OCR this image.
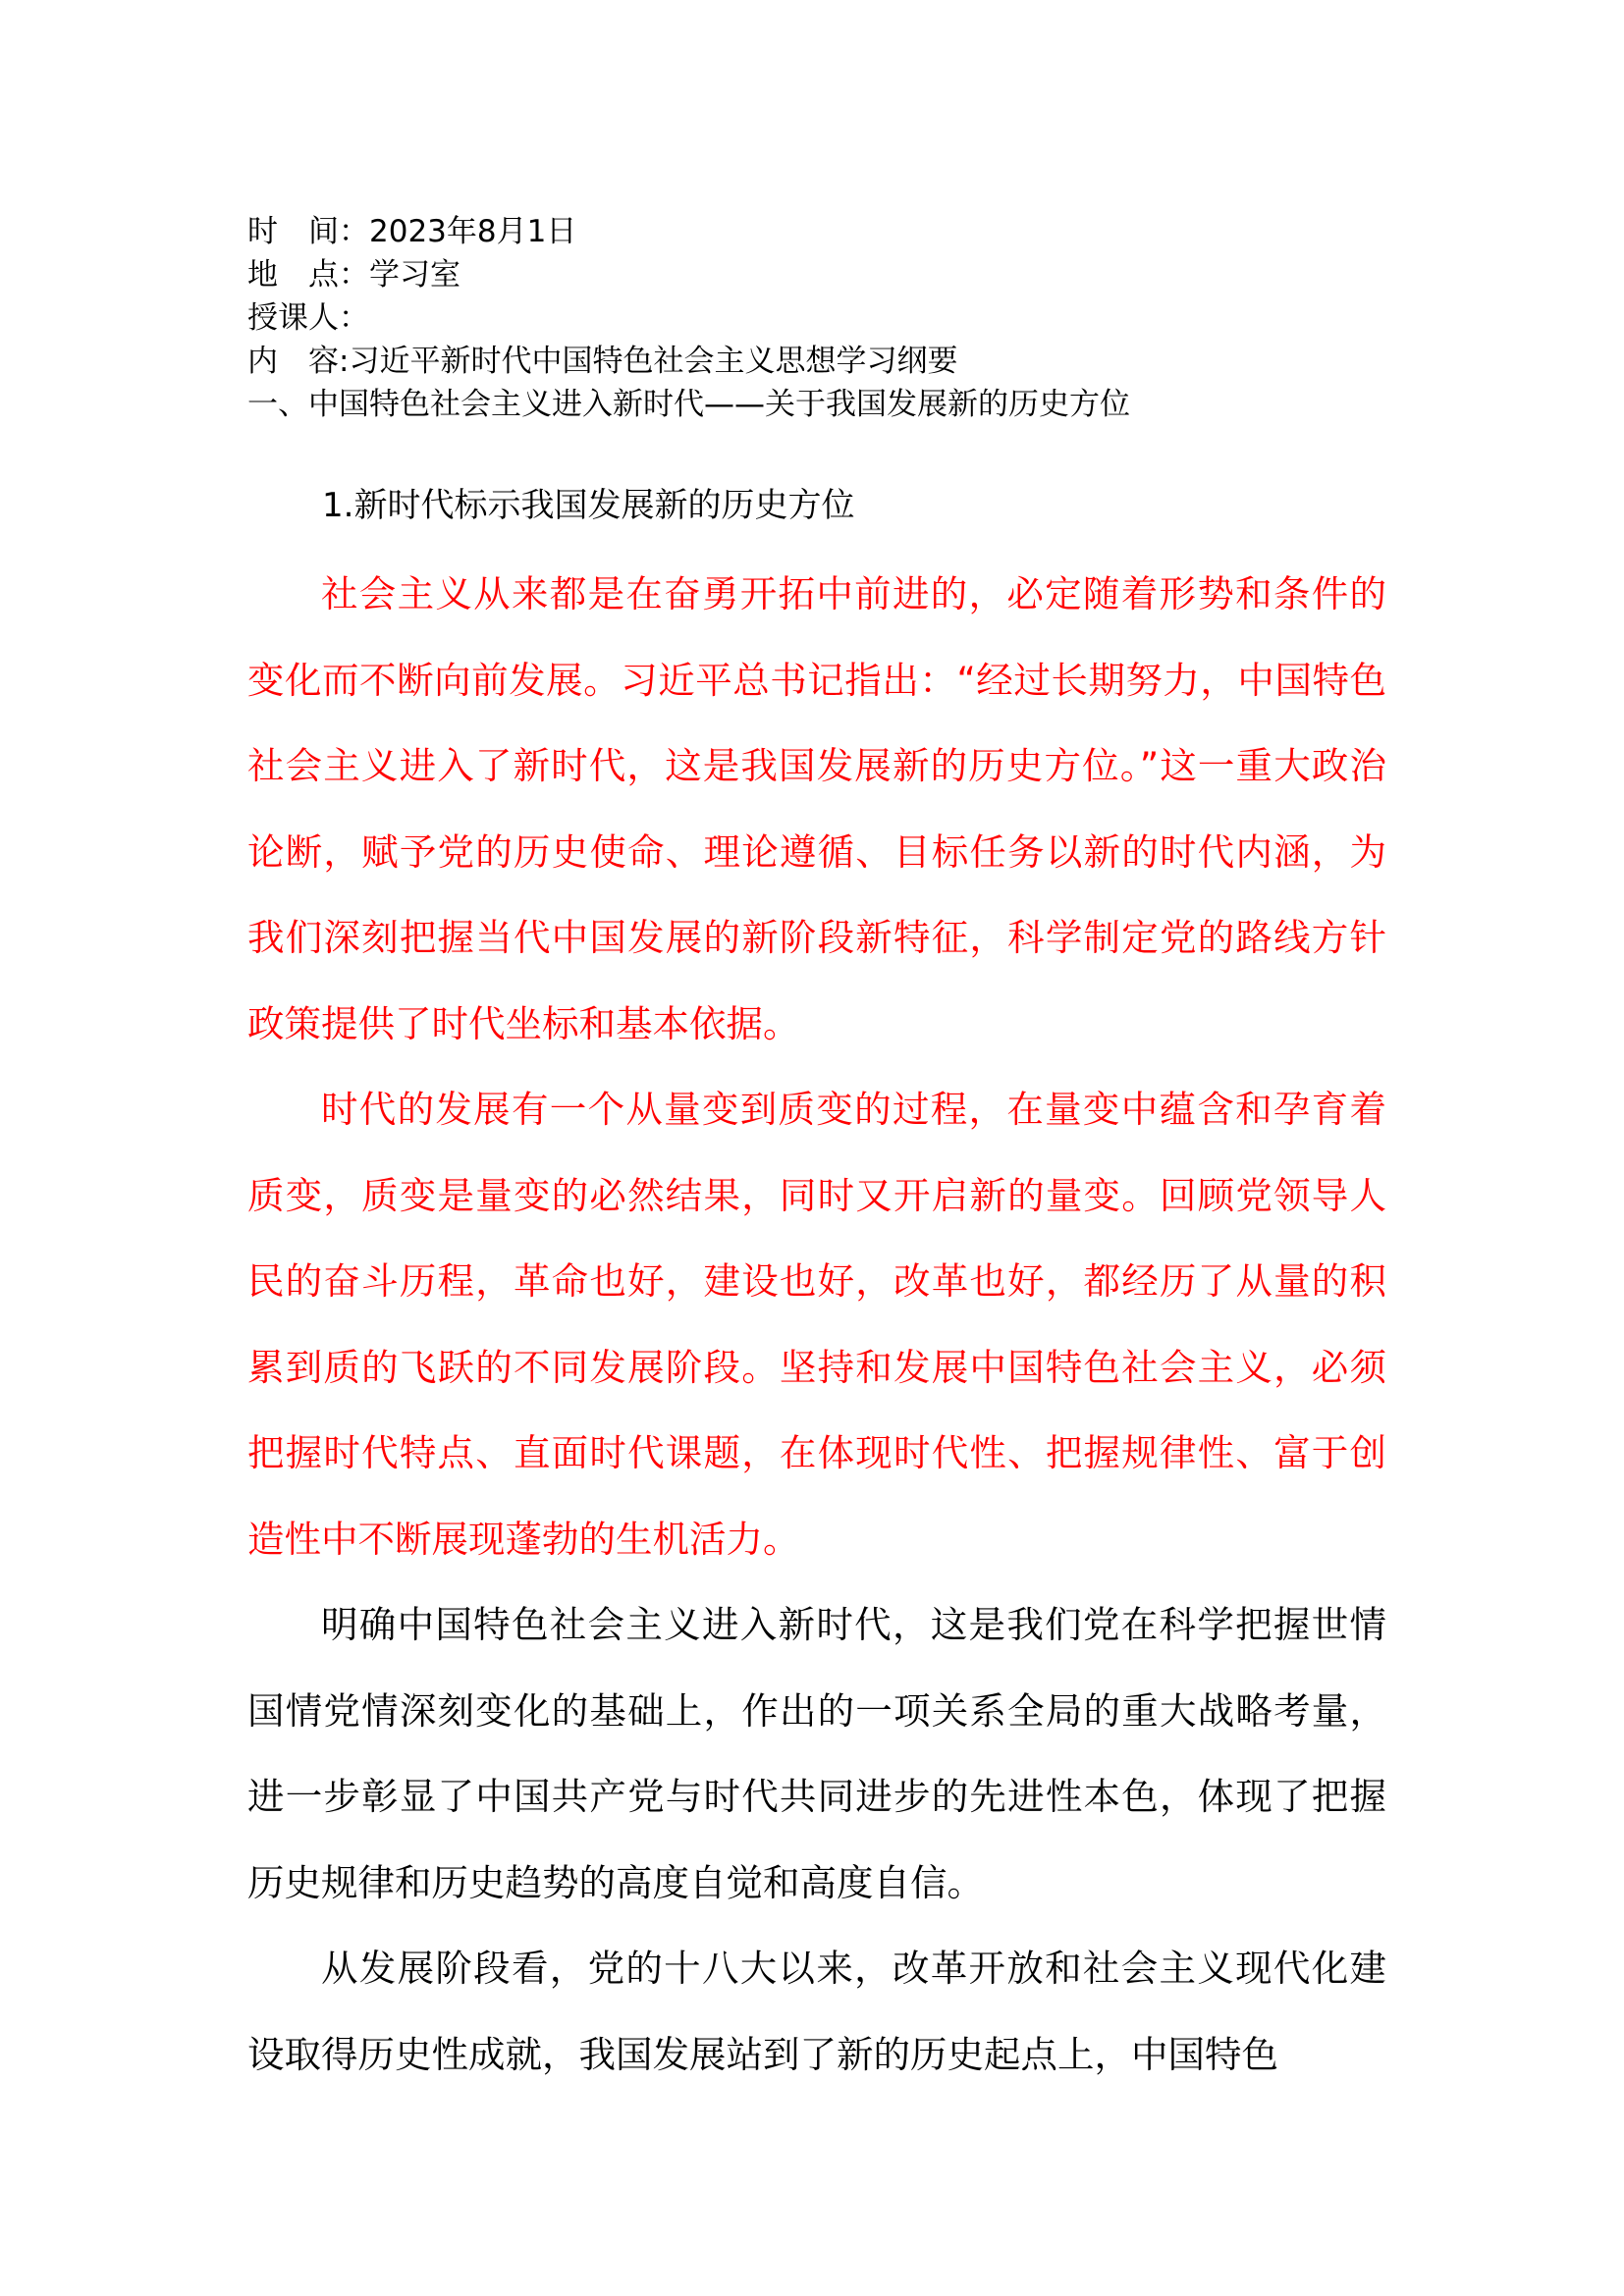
时　间：2023年8月1日
地　点：学习室
授课人：
内　容:习近平新时代中国特色社会主义思想学习纲要
一、中国特色社会主义进入新时代——关于我国发展新的历史方位
1.新时代标示我国发展新的历史方位

社会主义从来都是在奋勇开拓中前进的，必定随着形势和条件的变化而不断向前发展。习近平总书记指出：“经过长期努力，中国特色社会主义进入了新时代，这是我国发展新的历史方位。”这一重大政治论断，赋予党的历史使命、理论遵循、目标任务以新的时代内涵，为我们深刻把握当代中国发展的新阶段新特征，科学制定党的路线方针政策提供了时代坐标和基本依据。

时代的发展有一个从量变到质变的过程，在量变中蕴含和孕育着质变，质变是量变的必然结果，同时又开启新的量变。回顾党领导人民的奋斗历程，革命也好，建设也好，改革也好，都经历了从量的积累到质的飞跃的不同发展阶段。坚持和发展中国特色社会主义，必须把握时代特点、直面时代课题，在体现时代性、把握规律性、富于创造性中不断展现蓬勃的生机活力。

明确中国特色社会主义进入新时代，这是我们党在科学把握世情国情党情深刻变化的基础上，作出的一项关系全局的重大战略考量，进一步彰显了中国共产党与时代共同进步的先进性本色，体现了把握历史规律和历史趋势的高度自觉和高度自信。

从发展阶段看，党的十八大以来，改革开放和社会主义现代化建设取得历史性成就，我国发展站到了新的历史起点上，中国特色
